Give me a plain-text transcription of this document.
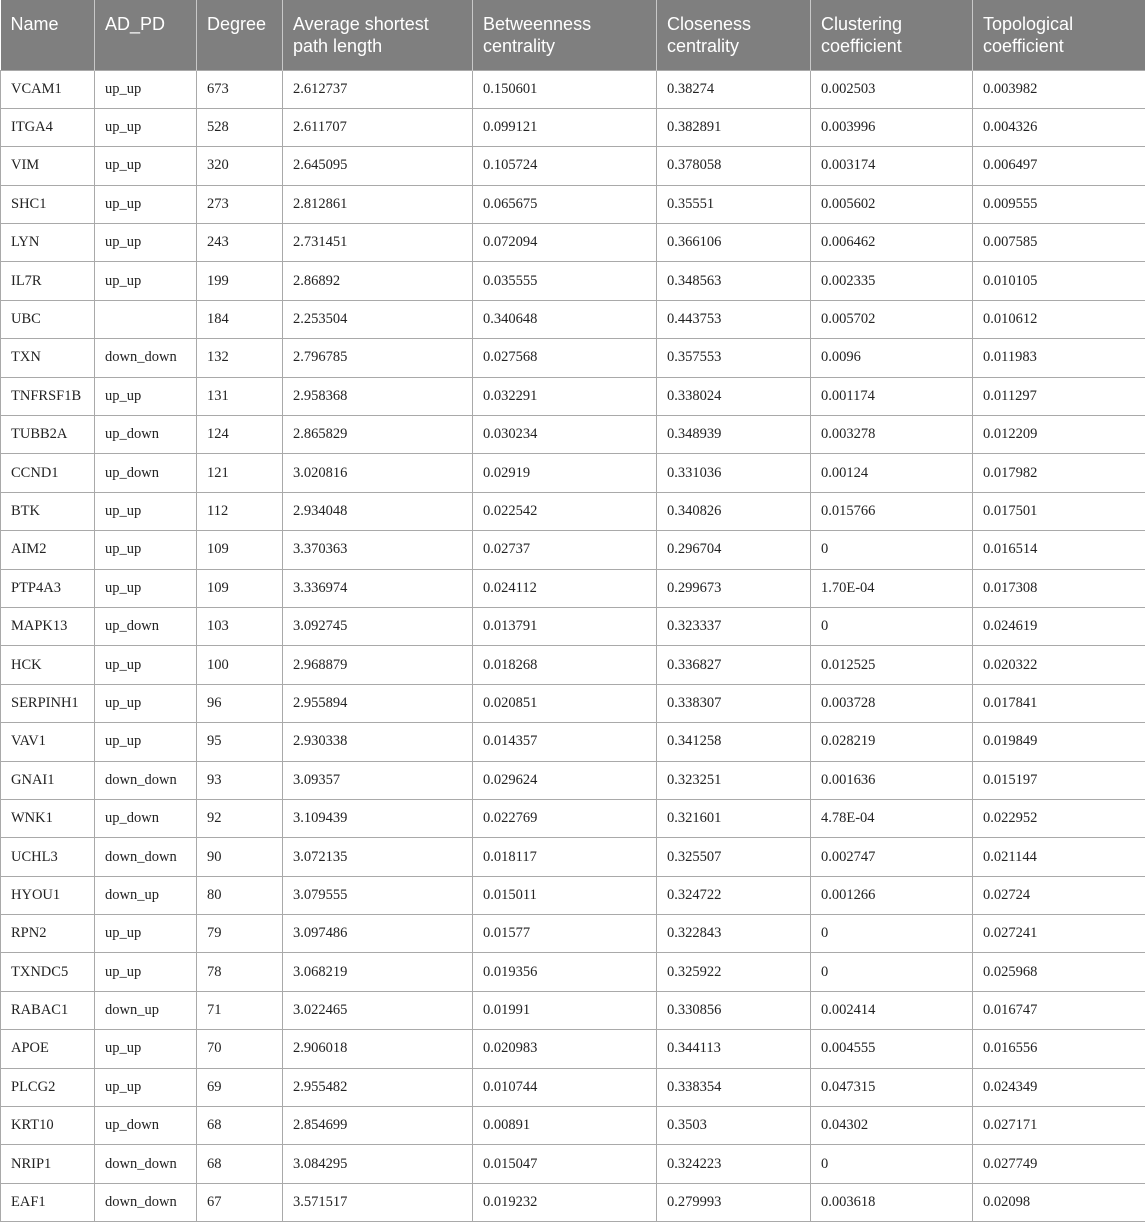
Name	AD_PD	Degree	Average shortest path length	Betweenness centrality	Closeness centrality	Clustering coefficient	Topological coefficient
VCAM1	up_up	673	2.612737	0.150601	0.38274	0.002503	0.003982
ITGA4	up_up	528	2.611707	0.099121	0.382891	0.003996	0.004326
VIM	up_up	320	2.645095	0.105724	0.378058	0.003174	0.006497
SHC1	up_up	273	2.812861	0.065675	0.35551	0.005602	0.009555
LYN	up_up	243	2.731451	0.072094	0.366106	0.006462	0.007585
IL7R	up_up	199	2.86892	0.035555	0.348563	0.002335	0.010105
UBC		184	2.253504	0.340648	0.443753	0.005702	0.010612
TXN	down_down	132	2.796785	0.027568	0.357553	0.0096	0.011983
TNFRSF1B	up_up	131	2.958368	0.032291	0.338024	0.001174	0.011297
TUBB2A	up_down	124	2.865829	0.030234	0.348939	0.003278	0.012209
CCND1	up_down	121	3.020816	0.02919	0.331036	0.00124	0.017982
BTK	up_up	112	2.934048	0.022542	0.340826	0.015766	0.017501
AIM2	up_up	109	3.370363	0.02737	0.296704	0	0.016514
PTP4A3	up_up	109	3.336974	0.024112	0.299673	1.70E-04	0.017308
MAPK13	up_down	103	3.092745	0.013791	0.323337	0	0.024619
HCK	up_up	100	2.968879	0.018268	0.336827	0.012525	0.020322
SERPINH1	up_up	96	2.955894	0.020851	0.338307	0.003728	0.017841
VAV1	up_up	95	2.930338	0.014357	0.341258	0.028219	0.019849
GNAI1	down_down	93	3.09357	0.029624	0.323251	0.001636	0.015197
WNK1	up_down	92	3.109439	0.022769	0.321601	4.78E-04	0.022952
UCHL3	down_down	90	3.072135	0.018117	0.325507	0.002747	0.021144
HYOU1	down_up	80	3.079555	0.015011	0.324722	0.001266	0.02724
RPN2	up_up	79	3.097486	0.01577	0.322843	0	0.027241
TXNDC5	up_up	78	3.068219	0.019356	0.325922	0	0.025968
RABAC1	down_up	71	3.022465	0.01991	0.330856	0.002414	0.016747
APOE	up_up	70	2.906018	0.020983	0.344113	0.004555	0.016556
PLCG2	up_up	69	2.955482	0.010744	0.338354	0.047315	0.024349
KRT10	up_down	68	2.854699	0.00891	0.3503	0.04302	0.027171
NRIP1	down_down	68	3.084295	0.015047	0.324223	0	0.027749
EAF1	down_down	67	3.571517	0.019232	0.279993	0.003618	0.02098
